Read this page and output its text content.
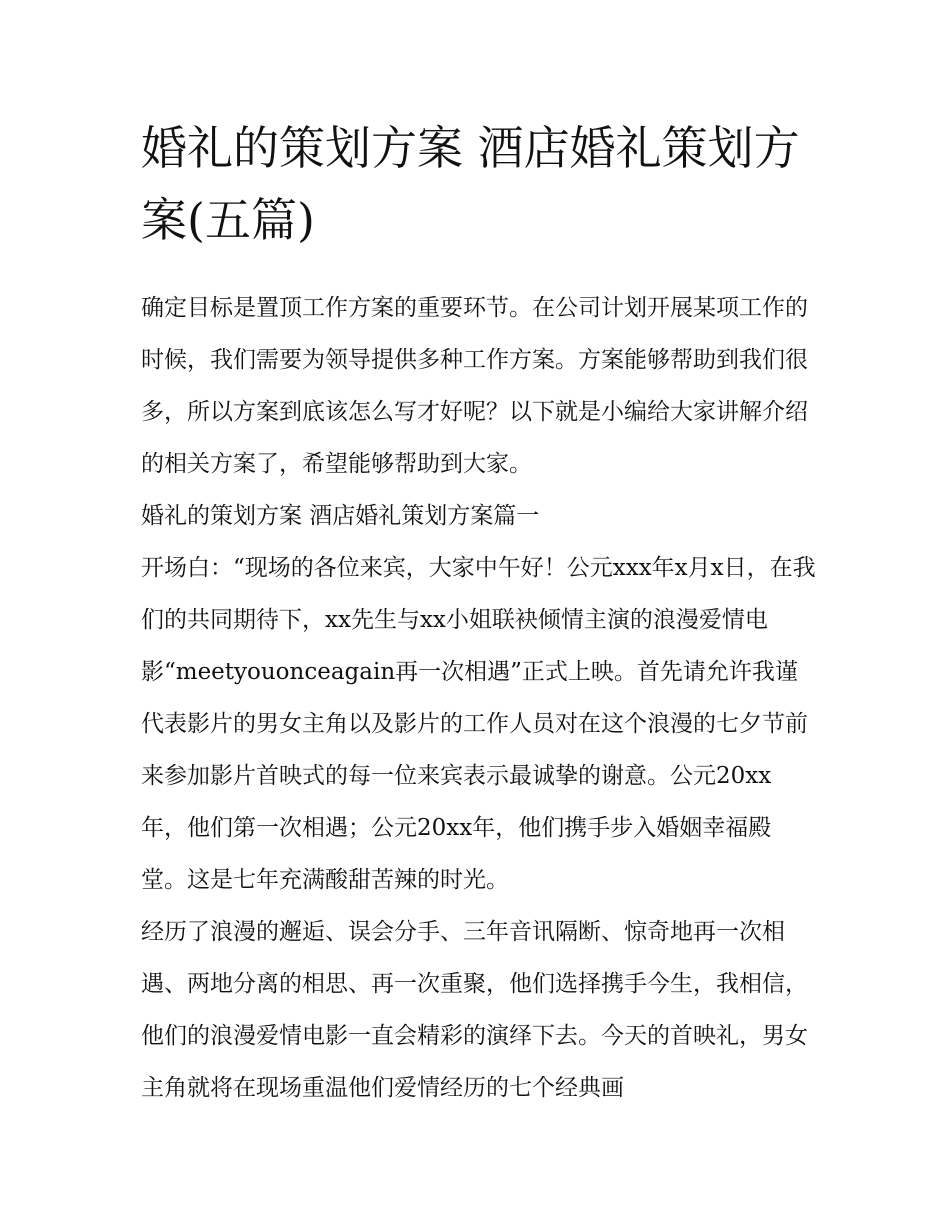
婚礼的策划方案 酒店婚礼策划方案(五篇)

确定目标是置顶工作方案的重要环节。在公司计划开展某项工作的时候，我们需要为领导提供多种工作方案。方案能够帮助到我们很多，所以方案到底该怎么写才好呢？以下就是小编给大家讲解介绍的相关方案了，希望能够帮助到大家。

婚礼的策划方案 酒店婚礼策划方案篇一

开场白：“现场的各位来宾，大家中午好！公元xxx年x月x日，在我们的共同期待下，xx先生与xx小姐联袂倾情主演的浪漫爱情电影“meetyouonceagain再一次相遇”正式上映。首先请允许我谨代表影片的男女主角以及影片的工作人员对在这个浪漫的七夕节前来参加影片首映式的每一位来宾表示最诚挚的谢意。公元20xx年，他们第一次相遇；公元20xx年，他们携手步入婚姻幸福殿堂。这是七年充满酸甜苦辣的时光。

经历了浪漫的邂逅、误会分手、三年音讯隔断、惊奇地再一次相遇、两地分离的相思、再一次重聚，他们选择携手今生，我相信，他们的浪漫爱情电影一直会精彩的演绎下去。今天的首映礼，男女主角就将在现场重温他们爱情经历的七个经典画
